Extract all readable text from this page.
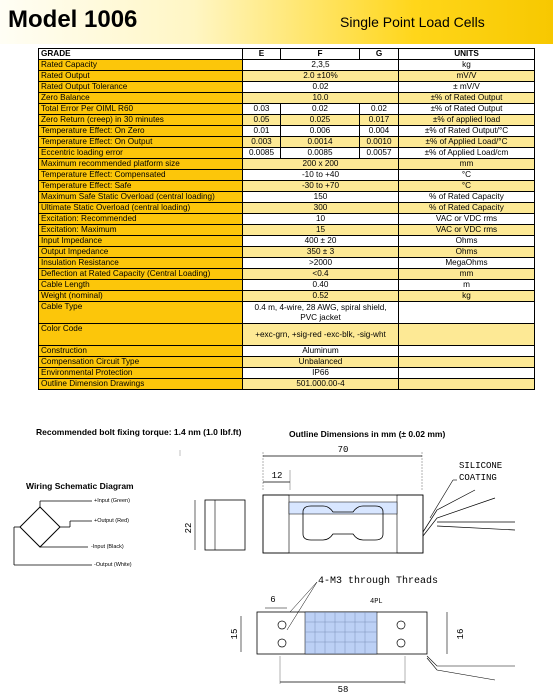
Model 1006	Single Point Load Cells
GRADE	E	F	G	UNITS
Rated Capacity	2,3,5			kg
Rated Output	2.0 ±10%			mV/V
Rated Output Tolerance	0.02			± mV/V
Zero Balance	10.0			±% of Rated Output
Total Error Per OIML R60	0.03	0.02	0.02	±% of Rated Output
Zero Return (creep) in 30 minutes	0.05	0.025	0.017	±% of applied load
Temperature Effect: On Zero	0.01	0.006	0.004	±% of Rated Output/°C
Temperature Effect: On Output	0.003	0.0014	0.0010	±% of Applied Load/°C
Eccentric loading error	0.0085	0.0085	0.0057	±% of Applied Load/cm
Maximum recommended platform size	200 x 200			mm
Temperature Effect: Compensated	-10 to +40			°C
Temperature Effect: Safe	-30 to +70			°C
Maximum Safe Static Overload (central loading)	150			% of Rated Capacity
Ultimate Static Overload (central loading)	300			% of Rated Capacity
Excitation: Recommended	10			VAC or VDC rms
Excitation: Maximum	15			VAC or VDC rms
Input Impedance	400 ± 20			Ohms
Output Impedance	350 ± 3			Ohms
Insulation Resistance	>2000			MegaOhms
Deflection at Rated Capacity (Central Loading)	<0.4			mm
Cable Length	0.40			m
Weight (nominal)	0.52			kg
Cable Type	0.4 m, 4-wire, 28 AWG, spiral shield, PVC jacket			
Color Code	+exc-grn, +sig-red -exc-blk, -sig-wht			
Construction	Aluminum			
Compensation Circuit Type	Unbalanced			
Environmental Protection	IP66			
Outline Dimension Drawings	501.000.00-4			
Recommended bolt fixing torque: 1.4 nm (1.0 lbf.ft)	Outline Dimensions in mm (± 0.02 mm)
Wiring Schematic Diagram
+Input (Green)
+Output (Red)
-Input (Black)
-Output (White)
70
12
22
SILICONE
COATING
4-M3 through Threads
4PL
6
15	16
58
